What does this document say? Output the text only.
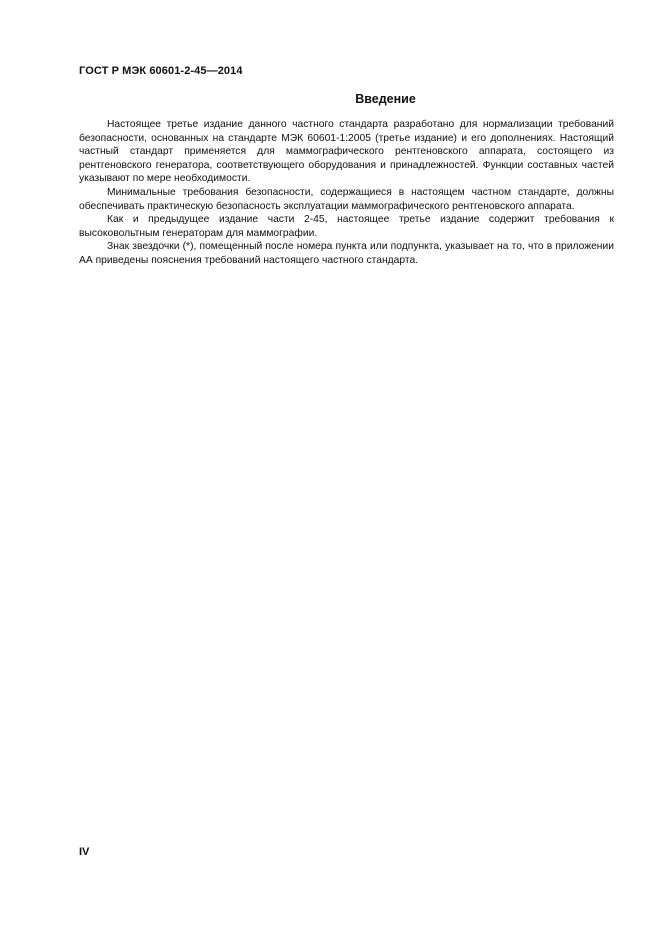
ГОСТ Р МЭК 60601-2-45—2014
Введение

Настоящее третье издание данного частного стандарта разработано для нормализации требований безопасности, основанных на стандарте МЭК 60601-1:2005 (третье издание) и его дополнениях. Настоящий частный стандарт применяется для маммографического рентгеновского аппарата, состоящего из рентгеновского генератора, соответствующего оборудования и принадлежностей. Функции составных частей указывают по мере необходимости.

Минимальные требования безопасности, содержащиеся в настоящем частном стандарте, должны обеспечивать практическую безопасность эксплуатации маммографического рентгеновского аппарата.

Как и предыдущее издание части 2-45, настоящее третье издание содержит требования к высоковольтным генераторам для маммографии.

Знак звездочки (*), помещенный после номера пункта или подпункта, указывает на то, что в приложении АА приведены пояснения требований настоящего частного стандарта.

IV
